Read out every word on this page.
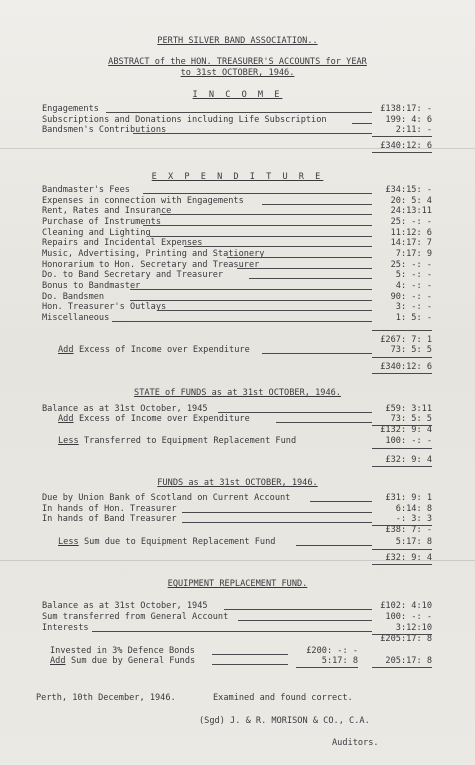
PERTH SILVER BAND ASSOCIATION..
ABSTRACT of the HON. TREASURER'S ACCOUNTS for YEAR
to 31st OCTOBER, 1946.
I N C O M E
Engagements	£138:17: -
Subscriptions and Donations including Life Subscription	199: 4: 6
Bandsmen's Contributions	2:11: -
£340:12: 6
E X P E N D I T U R E
Bandmaster's Fees	£34:15: -
Expenses in connection with Engagements	20: 5: 4
Rent, Rates and Insurance	24:13:11
Purchase of Instruments	25: -: -
Cleaning and Lighting	11:12: 6
Repairs and Incidental Expenses	14:17: 7
Music, Advertising, Printing and Stationery	7:17: 9
Honorarium to Hon. Secretary and Treasurer	25: -: -
Do. to Band Secretary and Treasurer	5: -: -
Bonus to Bandmaster	4: -: -
Do. Bandsmen	90: -: -
Hon. Treasurer's Outlays	3: -: -
Miscellaneous	1: 5: -
£267: 7: 1
Add Excess of Income over Expenditure	73: 5: 5
£340:12: 6
STATE of FUNDS as at 31st OCTOBER, 1946.
Balance as at 31st October, 1945	£59: 3:11
Add Excess of Income over Expenditure	73: 5: 5
£132: 9: 4
Less Transferred to Equipment Replacement Fund	100: -: -
£32: 9: 4
FUNDS as at 31st OCTOBER, 1946.
Due by Union Bank of Scotland on Current Account	£31: 9: 1
In hands of Hon. Treasurer	6:14: 8
In hands of Band Treasurer	-: 3: 3
£38: 7: -
Less Sum due to Equipment Replacement Fund	5:17: 8
£32: 9: 4
EQUIPMENT REPLACEMENT FUND.
Balance as at 31st October, 1945	£102: 4:10
Sum transferred from General Account	100: -: -
Interests	3:12:10
£205:17: 8
Invested in 3% Defence Bonds	£200: -: -
Add Sum due by General Funds	5:17: 8	205:17: 8
Perth, 10th December, 1946.	Examined and found correct.
(Sgd) J. & R. MORISON & CO., C.A.
Auditors.
